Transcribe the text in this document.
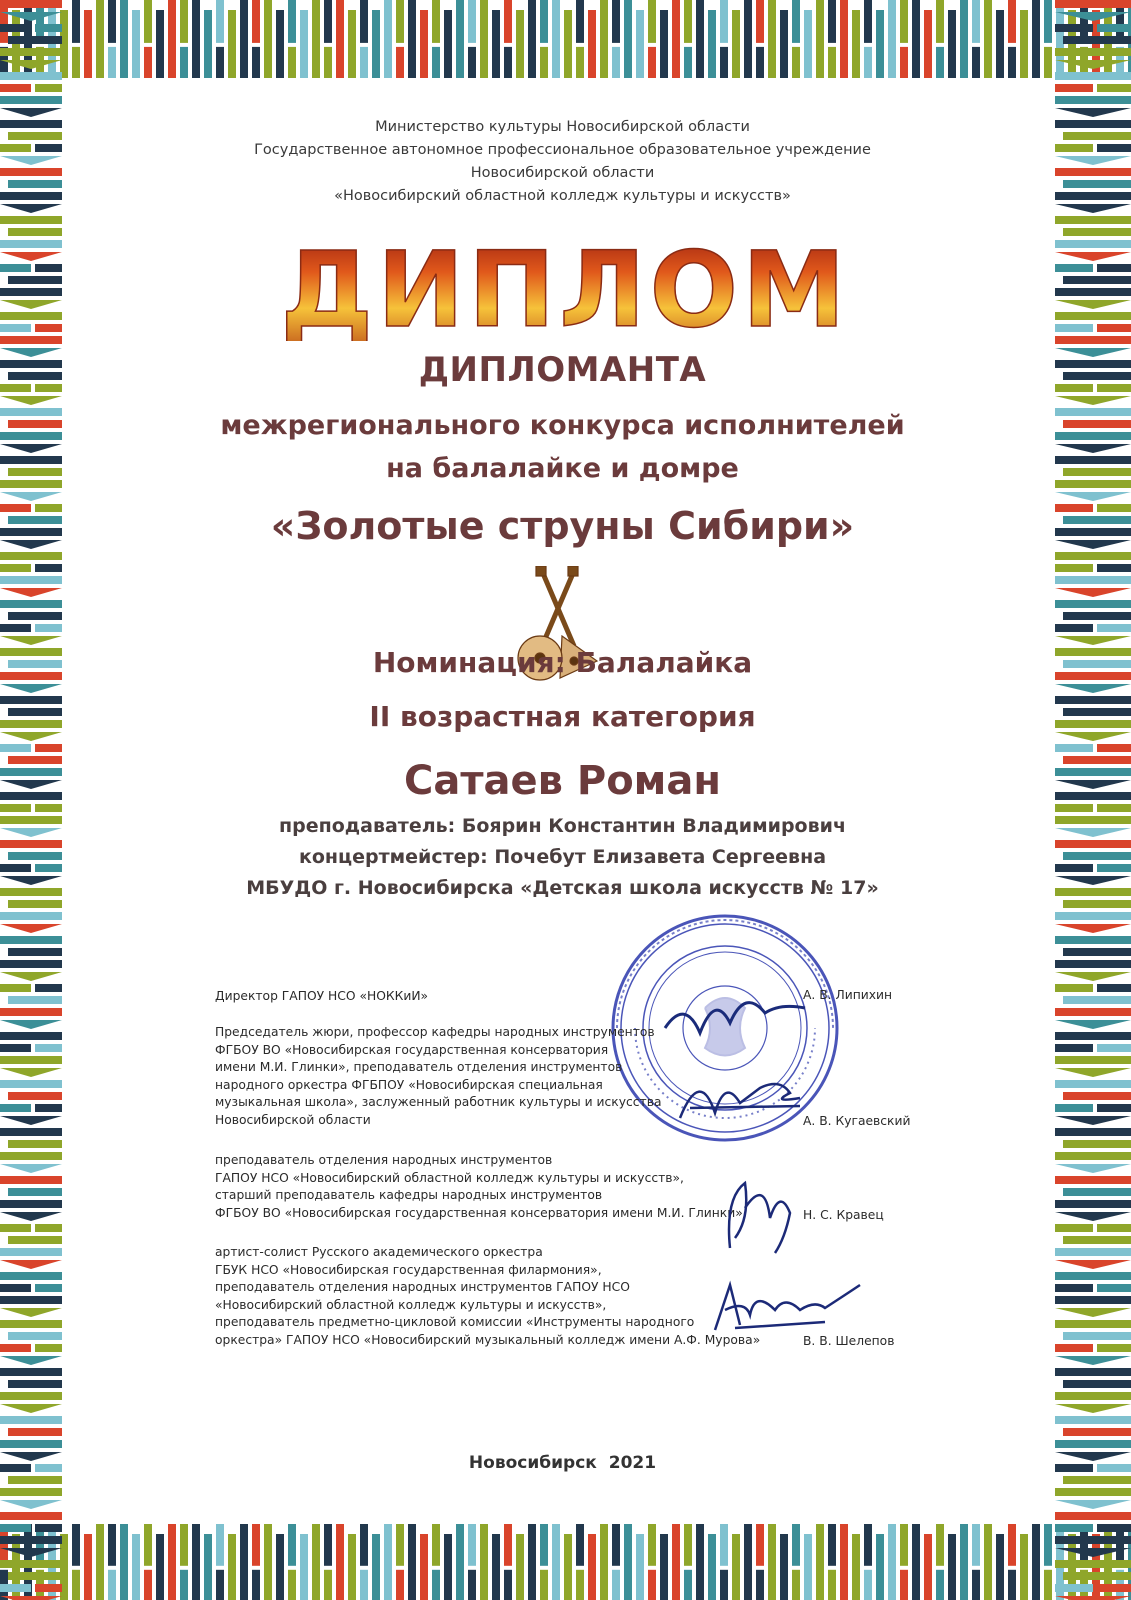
Министерство культуры Новосибирской области
Государственное автономное профессиональное образовательное учреждение
Новосибирской области
«Новосибирский областной колледж культуры и искусств»
ДИПЛОМ
ДИПЛОМАНТА
межрегионального конкурса исполнителей
на балалайке и домре
«Золотые струны Сибири»
Номинация: Балалайка
II возрастная категория
Сатаев Роман
преподаватель: Боярин Константин Владимирович
концертмейстер: Почебут Елизавета Сергеевна
МБУДО г. Новосибирска «Детская школа искусств № 17»
Директор ГАПОУ НСО «НОККиИ»	А. В. Липихин
Председатель жюри, профессор кафедры народных инструментов
ФГБОУ ВО «Новосибирская государственная консерватория
имени М.И. Глинки», преподаватель отделения инструментов
народного оркестра ФГБПОУ «Новосибирская специальная
музыкальная школа», заслуженный работник культуры и искусства
Новосибирской области	А. В. Кугаевский
преподаватель отделения народных инструментов
ГАПОУ НСО «Новосибирский областной колледж культуры и искусств»,
старший преподаватель кафедры народных инструментов
ФГБОУ ВО «Новосибирская государственная консерватория имени М.И. Глинки»	Н. С. Кравец
артист-солист Русского академического оркестра
ГБУК НСО «Новосибирская государственная филармония»,
преподаватель отделения народных инструментов ГАПОУ НСО
«Новосибирский областной колледж культуры и искусств»,
преподаватель предметно-цикловой комиссии «Инструменты народного
оркестра» ГАПОУ НСО «Новосибирский музыкальный колледж имени А.Ф. Мурова»	В. В. Шелепов
Новосибирск 2021
